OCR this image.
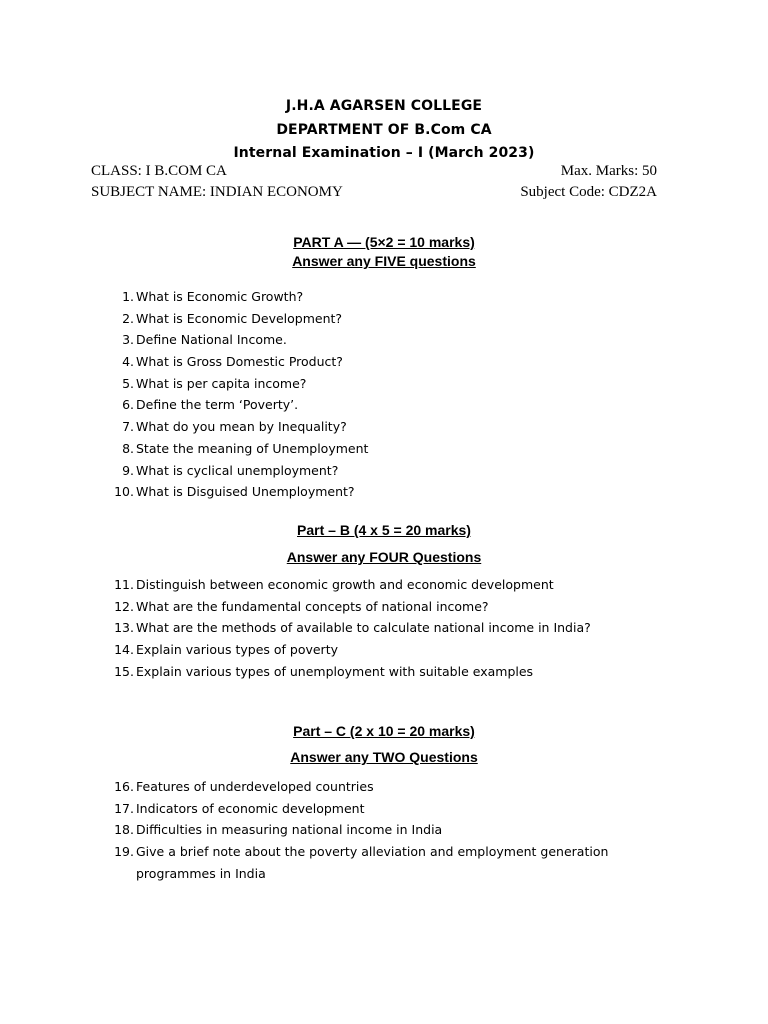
J.H.A AGARSEN COLLEGE
DEPARTMENT OF B.Com CA
Internal Examination – I (March 2023)
CLASS: I B.COM CA	Max. Marks: 50
SUBJECT NAME: INDIAN ECONOMY	Subject Code: CDZ2A
PART A — (5×2 = 10 marks)
Answer any FIVE questions
1. What is Economic Growth?
2. What is Economic Development?
3. Define National Income.
4. What is Gross Domestic Product?
5. What is per capita income?
6. Define the term ‘Poverty’.
7. What do you mean by Inequality?
8. State the meaning of Unemployment
9. What is cyclical unemployment?
10. What is Disguised Unemployment?
Part – B (4 x 5 = 20 marks)
Answer any FOUR Questions
11. Distinguish between economic growth and economic development
12. What are the fundamental concepts of national income?
13. What are the methods of available to calculate national income in India?
14. Explain various types of poverty
15. Explain various types of unemployment with suitable examples
Part – C (2 x 10 = 20 marks)
Answer any TWO Questions
16. Features of underdeveloped countries
17. Indicators of economic development
18. Difficulties in measuring national income in India
19. Give a brief note about the poverty alleviation and employment generation programmes in India
